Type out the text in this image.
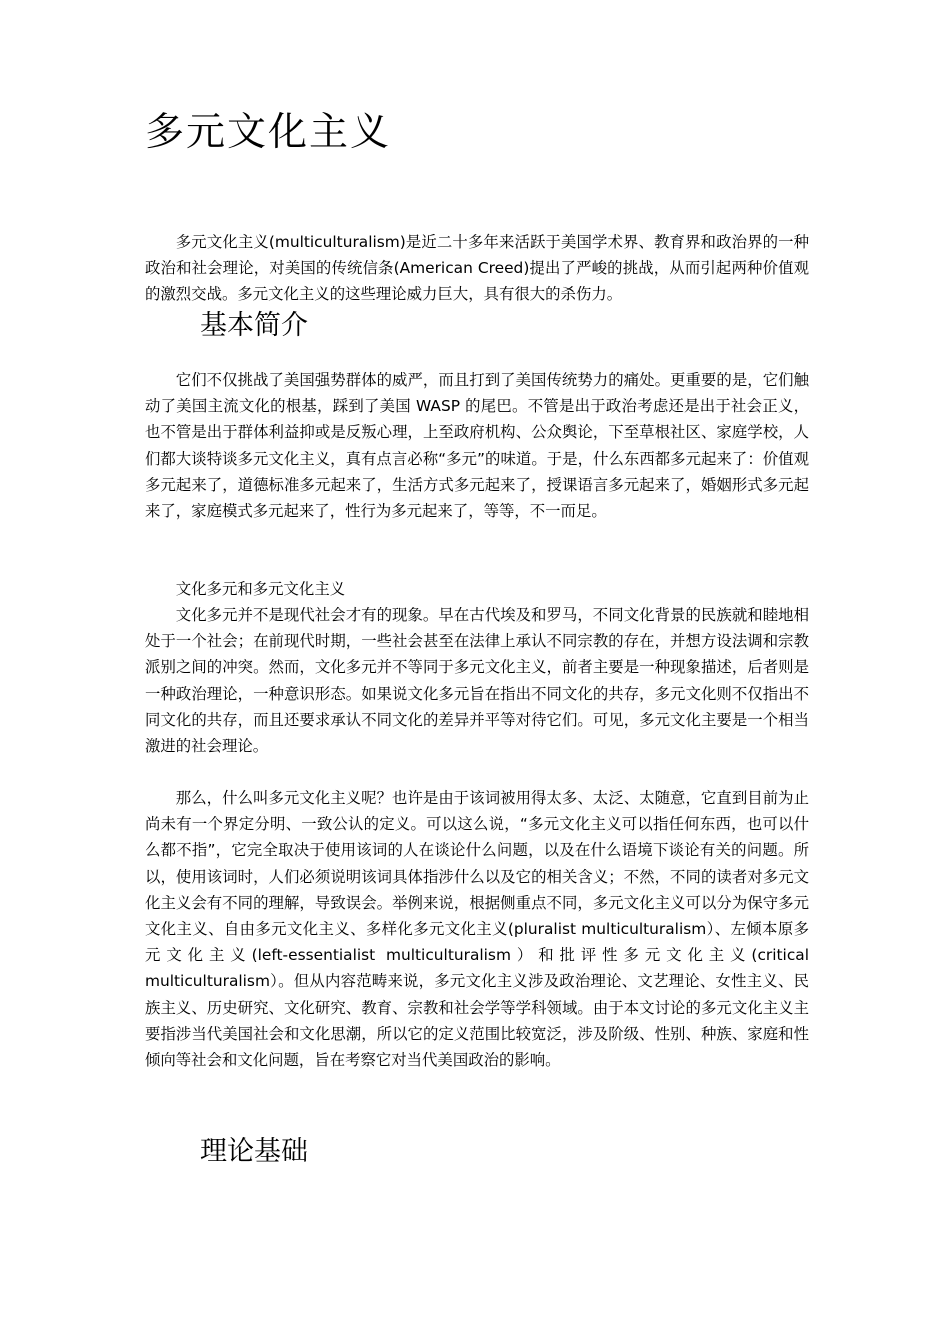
多元文化主义

多元文化主义(multiculturalism)是近二十多年来活跃于美国学术界、教育界和政治界的一种政治和社会理论，对美国的传统信条(American Creed)提出了严峻的挑战，从而引起两种价值观的激烈交战。多元文化主义的这些理论威力巨大，具有很大的杀伤力。

基本简介

它们不仅挑战了美国强势群体的威严，而且打到了美国传统势力的痛处。更重要的是，它们触动了美国主流文化的根基，踩到了美国 WASP 的尾巴。不管是出于政治考虑还是出于社会正义，也不管是出于群体利益抑或是反叛心理，上至政府机构、公众舆论，下至草根社区、家庭学校，人们都大谈特谈多元文化主义，真有点言必称“多元”的味道。于是，什么东西都多元起来了：价值观多元起来了，道德标准多元起来了，生活方式多元起来了，授课语言多元起来了，婚姻形式多元起来了，家庭模式多元起来了，性行为多元起来了，等等，不一而足。

文化多元和多元文化主义

文化多元并不是现代社会才有的现象。早在古代埃及和罗马，不同文化背景的民族就和睦地相处于一个社会；在前现代时期，一些社会甚至在法律上承认不同宗教的存在，并想方设法调和宗教派别之间的冲突。然而，文化多元并不等同于多元文化主义，前者主要是一种现象描述，后者则是一种政治理论，一种意识形态。如果说文化多元旨在指出不同文化的共存，多元文化则不仅指出不同文化的共存，而且还要求承认不同文化的差异并平等对待它们。可见，多元文化主要是一个相当激进的社会理论。

那么，什么叫多元文化主义呢？也许是由于该词被用得太多、太泛、太随意，它直到目前为止尚未有一个界定分明、一致公认的定义。可以这么说，“多元文化主义可以指任何东西，也可以什么都不指”，它完全取决于使用该词的人在谈论什么问题，以及在什么语境下谈论有关的问题。所以，使用该词时，人们必须说明该词具体指涉什么以及它的相关含义；不然，不同的读者对多元文化主义会有不同的理解，导致误会。举例来说，根据侧重点不同，多元文化主义可以分为保守多元文化主义、自由多元文化主义、多样化多元文化主义(pluralist multiculturalism）、左倾本原多元文化主义(left-essentialist multiculturalism）和批评性多元文化主义(critical multiculturalism）。但从内容范畴来说，多元文化主义涉及政治理论、文艺理论、女性主义、民族主义、历史研究、文化研究、教育、宗教和社会学等学科领域。由于本文讨论的多元文化主义主要指涉当代美国社会和文化思潮，所以它的定义范围比较宽泛，涉及阶级、性别、种族、家庭和性倾向等社会和文化问题，旨在考察它对当代美国政治的影响。

理论基础
